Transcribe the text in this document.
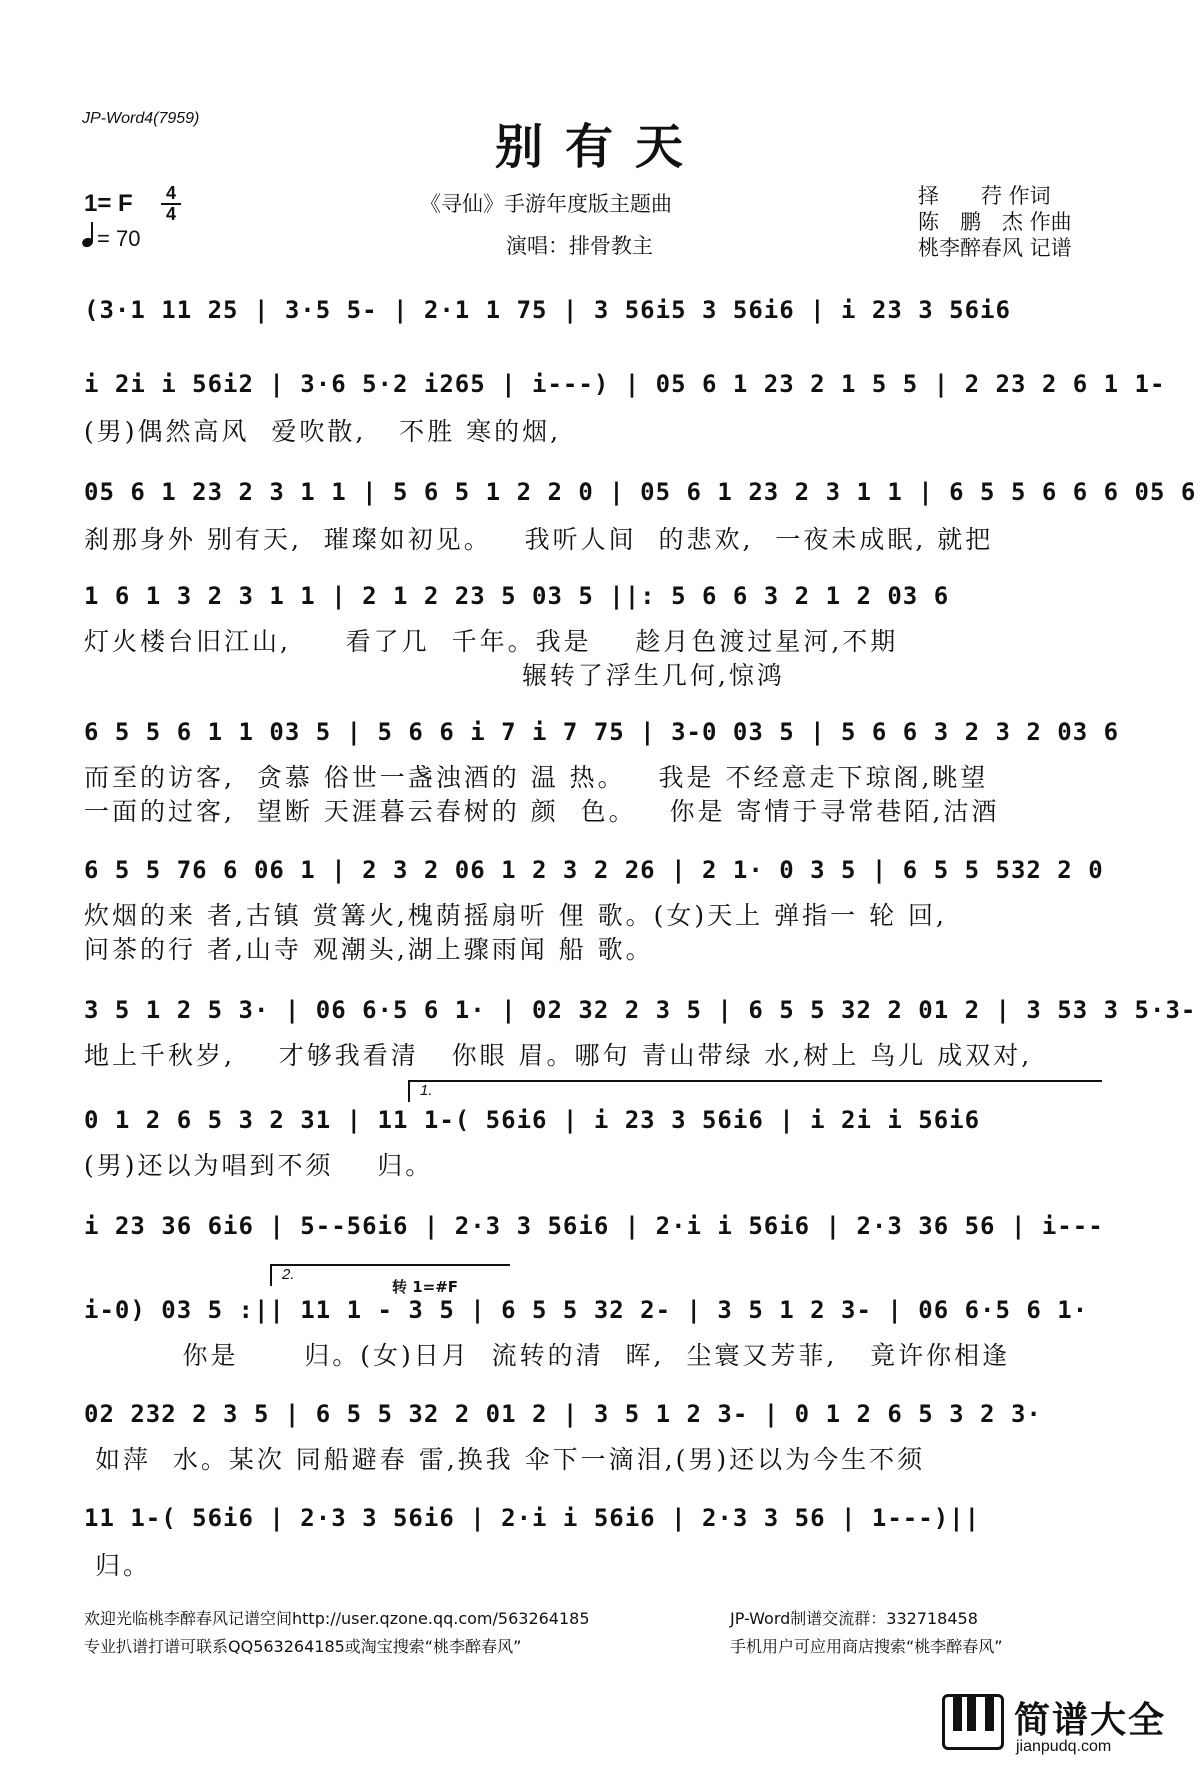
JP-Word4(7959)
别有天
《寻仙》手游年度版主题曲
演唱：排骨教主
择　　荇 作词
陈　鹏　杰 作曲
桃李醉春风 记谱
1= F	4
4
= 70
(3·1 11 25 | 3·5 5- | 2·1 1 75 | 3 56i5 3 56i6 | i 23 3 56i6
i 2i i 56i2 | 3·6 5·2 i265 | i---) | 05 6 1 23 2 1 5 5 | 2 23 2 6 1 1-
(男)偶然高风  爱吹散,   不胜 寒的烟,
05 6 1 23 2 3 1 1 | 5 6 5 1 2 2 0 | 05 6 1 23 2 3 1 1 | 6 5 5 6 6 6 05 6
刹那身外 别有天,  璀璨如初见。   我听人间  的悲欢,  一夜未成眠, 就把
1 6 1 3 2 3 1 1 | 2 1 2 23 5 03 5 ||: 5 6 6 3 2 1 2 03 6
灯火楼台旧江山,     看了几  千年。我是    趁月色渡过星河,不期
辗转了浮生几何,惊鸿
6 5 5 6 1 1 03 5 | 5 6 6 i 7 i 7 75 | 3-0 03 5 | 5 6 6 3 2 3 2 03 6
而至的访客,  贪慕 俗世一盏浊酒的 温 热。   我是 不经意走下琼阁,眺望
一面的过客,  望断 天涯暮云春树的 颜  色。   你是 寄情于寻常巷陌,沽酒
6 5 5 76 6 06 1 | 2 3 2 06 1 2 3 2 26 | 2 1· 0 3 5 | 6 5 5 532 2 0
炊烟的来 者,古镇 赏篝火,槐荫摇扇听 俚 歌。(女)天上 弹指一 轮 回,
问茶的行 者,山寺 观潮头,湖上骤雨闻 船 歌。
3 5 1 2 5 3· | 06 6·5 6 1· | 02 32 2 3 5 | 6 5 5 32 2 01 2 | 3 53 3 5·3-
地上千秋岁,    才够我看清   你眼 眉。哪句 青山带绿 水,树上 鸟儿 成双对,
1.
0 1 2 6 5 3 2 31 | 11 1-( 56i6 | i 23 3 56i6 | i 2i i 56i6
(男)还以为唱到不须    归。
i 23 36 6i6 | 5--56i6 | 2·3 3 56i6 | 2·i i 56i6 | 2·3 36 56 | i---
2.
转 1=#F
i-0) 03 5 :|| 11 1 - 3 5 | 6 5 5 32 2- | 3 5 1 2 3- | 06 6·5 6 1·
你是      归。(女)日月  流转的清  晖,  尘寰又芳菲,   竟许你相逢
02 232 2 3 5 | 6 5 5 32 2 01 2 | 3 5 1 2 3- | 0 1 2 6 5 3 2 3·
如萍  水。某次 同船避春 雷,换我 伞下一滴泪,(男)还以为今生不须
11 1-( 56i6 | 2·3 3 56i6 | 2·i i 56i6 | 2·3 3 56 | 1---)||
归。
欢迎光临桃李醉春风记谱空间http://user.qzone.qq.com/563264185	JP-Word制谱交流群：332718458
专业扒谱打谱可联系QQ563264185或淘宝搜索“桃李醉春风”	手机用户可应用商店搜索“桃李醉春风”
简谱大全
jianpudq.com
